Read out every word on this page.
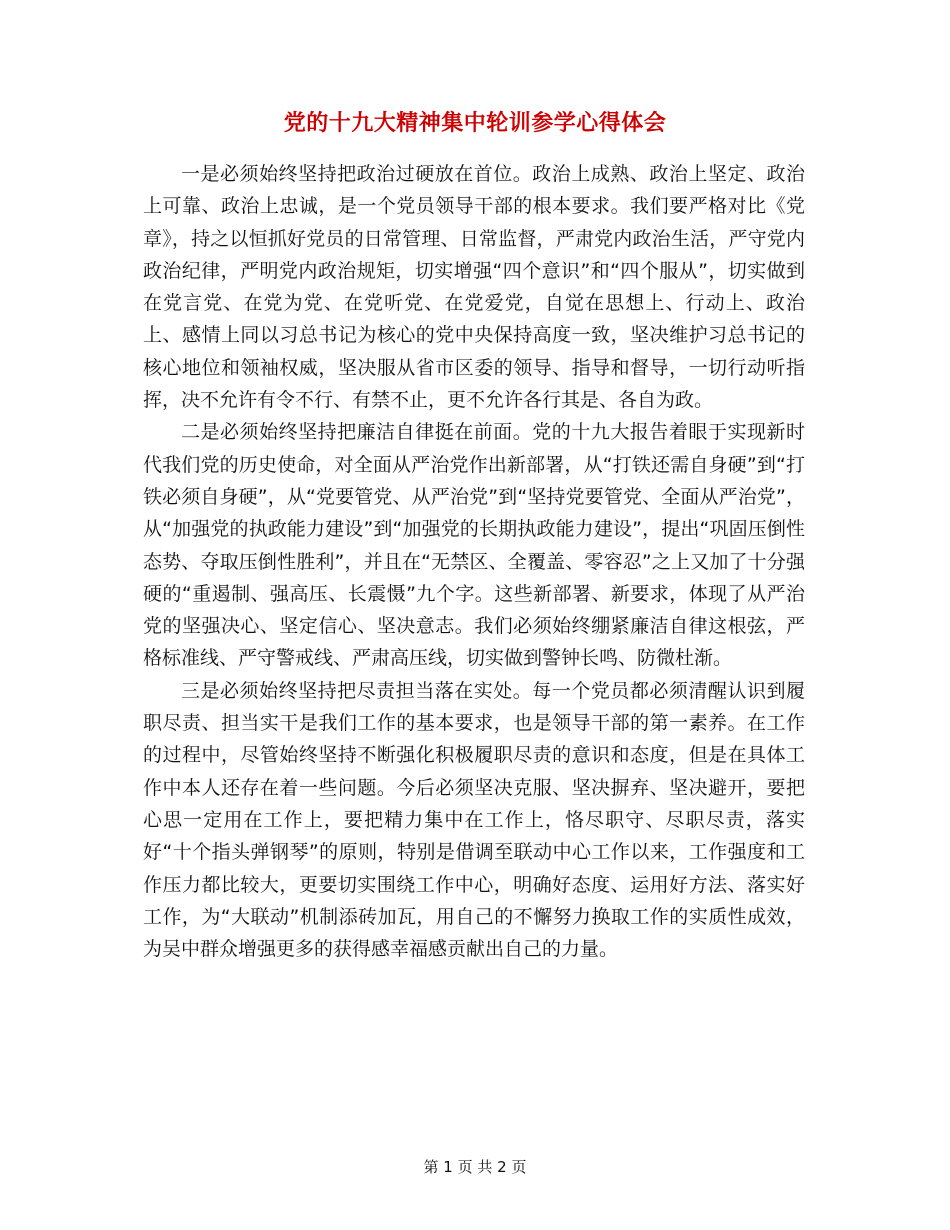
党的十九大精神集中轮训参学心得体会

一是必须始终坚持把政治过硬放在首位。政治上成熟、政治上坚定、政治上可靠、政治上忠诚，是一个党员领导干部的根本要求。我们要严格对比《党章》，持之以恒抓好党员的日常管理、日常监督，严肃党内政治生活，严守党内政治纪律，严明党内政治规矩，切实增强“四个意识”和“四个服从”，切实做到在党言党、在党为党、在党听党、在党爱党，自觉在思想上、行动上、政治上、感情上同以习总书记为核心的党中央保持高度一致，坚决维护习总书记的核心地位和领袖权威，坚决服从省市区委的领导、指导和督导，一切行动听指挥，决不允许有令不行、有禁不止，更不允许各行其是、各自为政。

二是必须始终坚持把廉洁自律挺在前面。党的十九大报告着眼于实现新时代我们党的历史使命，对全面从严治党作出新部署，从“打铁还需自身硬”到“打铁必须自身硬”，从“党要管党、从严治党”到“坚持党要管党、全面从严治党”，从“加强党的执政能力建设”到“加强党的长期执政能力建设”，提出“巩固压倒性态势、夺取压倒性胜利”，并且在“无禁区、全覆盖、零容忍”之上又加了十分强硬的“重遏制、强高压、长震慑”九个字。这些新部署、新要求，体现了从严治党的坚强决心、坚定信心、坚决意志。我们必须始终绷紧廉洁自律这根弦，严格标准线、严守警戒线、严肃高压线，切实做到警钟长鸣、防微杜渐。

三是必须始终坚持把尽责担当落在实处。每一个党员都必须清醒认识到履职尽责、担当实干是我们工作的基本要求，也是领导干部的第一素养。在工作的过程中，尽管始终坚持不断强化积极履职尽责的意识和态度，但是在具体工作中本人还存在着一些问题。今后必须坚决克服、坚决摒弃、坚决避开，要把心思一定用在工作上，要把精力集中在工作上，恪尽职守、尽职尽责，落实好“十个指头弹钢琴”的原则，特别是借调至联动中心工作以来，工作强度和工作压力都比较大，更要切实围绕工作中心，明确好态度、运用好方法、落实好工作，为“大联动”机制添砖加瓦，用自己的不懈努力换取工作的实质性成效，为吴中群众增强更多的获得感幸福感贡献出自己的力量。

第 1 页 共 2 页
